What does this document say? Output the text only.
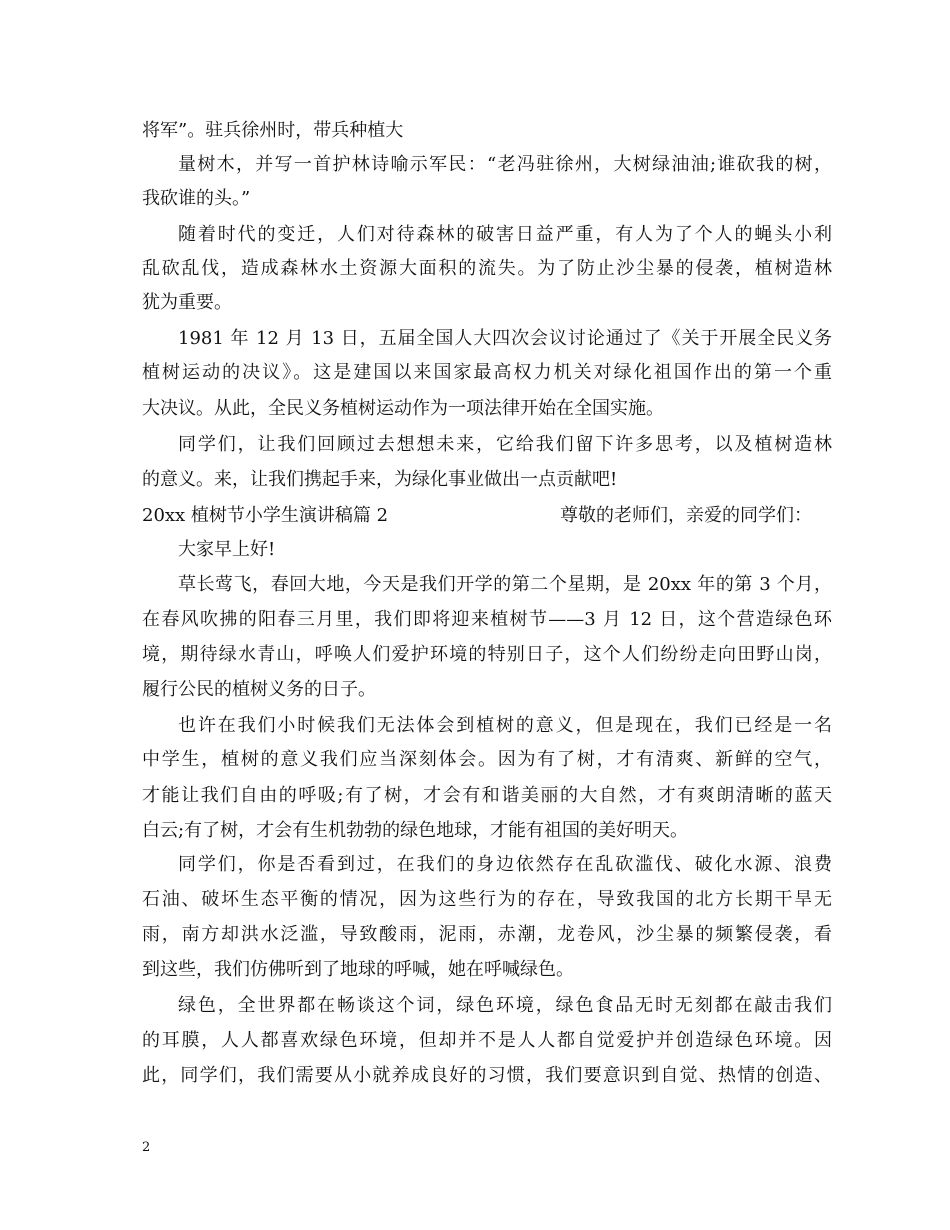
将军”。驻兵徐州时，带兵种植大
量树木，并写一首护林诗喻示军民：“老冯驻徐州，大树绿油油;谁砍我的树，
我砍谁的头。”
随着时代的变迁，人们对待森林的破害日益严重，有人为了个人的蝇头小利
乱砍乱伐，造成森林水土资源大面积的流失。为了防止沙尘暴的侵袭，植树造林
犹为重要。
1981 年 12 月 13 日，五届全国人大四次会议讨论通过了《关于开展全民义务
植树运动的决议》。这是建国以来国家最高权力机关对绿化祖国作出的第一个重
大决议。从此，全民义务植树运动作为一项法律开始在全国实施。
同学们，让我们回顾过去想想未来，它给我们留下许多思考，以及植树造林
的意义。来，让我们携起手来，为绿化事业做出一点贡献吧!
20xx 植树节小学生演讲稿篇 2	尊敬的老师们，亲爱的同学们：
大家早上好!
草长莺飞，春回大地，今天是我们开学的第二个星期，是 20xx 年的第 3 个月，
在春风吹拂的阳春三月里，我们即将迎来植树节——3 月 12 日，这个营造绿色环
境，期待绿水青山，呼唤人们爱护环境的特别日子，这个人们纷纷走向田野山岗，
履行公民的植树义务的日子。
也许在我们小时候我们无法体会到植树的意义，但是现在，我们已经是一名
中学生，植树的意义我们应当深刻体会。因为有了树，才有清爽、新鲜的空气，
才能让我们自由的呼吸;有了树，才会有和谐美丽的大自然，才有爽朗清晰的蓝天
白云;有了树，才会有生机勃勃的绿色地球，才能有祖国的美好明天。
同学们，你是否看到过，在我们的身边依然存在乱砍滥伐、破化水源、浪费
石油、破坏生态平衡的情况，因为这些行为的存在，导致我国的北方长期干旱无
雨，南方却洪水泛滥，导致酸雨，泥雨，赤潮，龙卷风，沙尘暴的频繁侵袭，看
到这些，我们仿佛听到了地球的呼喊，她在呼喊绿色。
绿色，全世界都在畅谈这个词，绿色环境，绿色食品无时无刻都在敲击我们
的耳膜，人人都喜欢绿色环境，但却并不是人人都自觉爱护并创造绿色环境。因
此，同学们，我们需要从小就养成良好的习惯，我们要意识到自觉、热情的创造、
2
